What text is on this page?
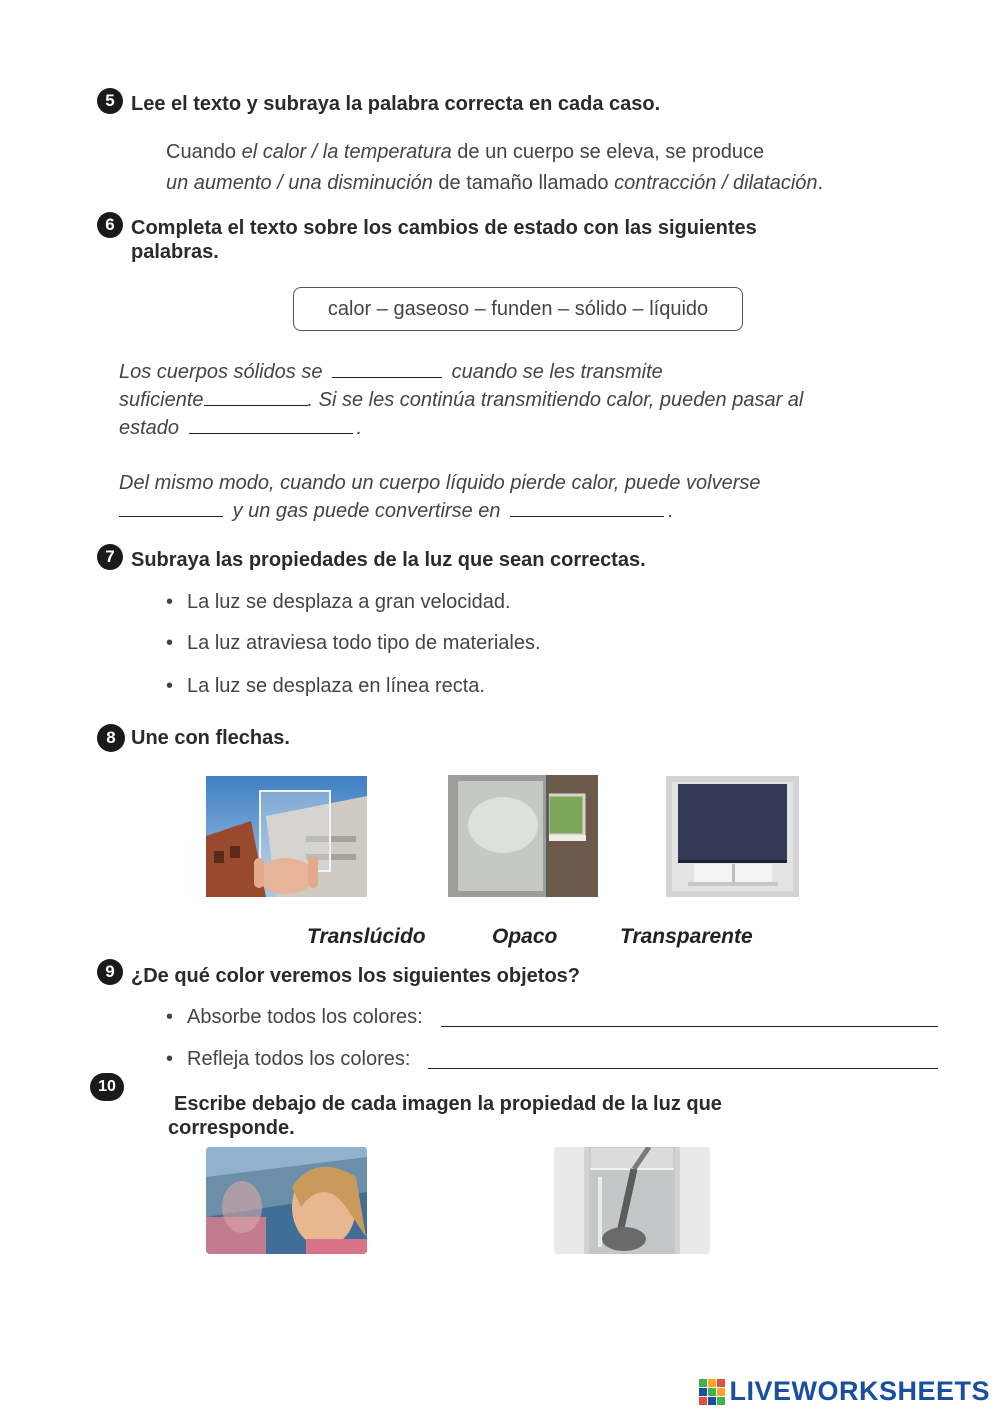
5 Lee el texto y subraya la palabra correcta en cada caso.
Cuando el calor / la temperatura de un cuerpo se eleva, se produce
un aumento / una disminución de tamaño llamado contracción / dilatación.
6 Completa el texto sobre los cambios de estado con las siguientes
palabras.
calor – gaseoso – funden – sólido – líquido
Los cuerpos sólidos se	cuando se les transmite
suficiente	. Si se les continúa transmitiendo calor, pueden pasar al
estado	.
Del mismo modo, cuando un cuerpo líquido pierde calor, puede volverse
y un gas puede convertirse en	.
7 Subraya las propiedades de la luz que sean correctas.
• La luz se desplaza a gran velocidad.
• La luz atraviesa todo tipo de materiales.
• La luz se desplaza en línea recta.
8 Une con flechas.
Translúcido	Opaco	Transparente
9 ¿De qué color veremos los siguientes objetos?
• Absorbe todos los colores:
• Refleja todos los colores:
10
Escribe debajo de cada imagen la propiedad de la luz que
corresponde.
LIVEWORKSHEETS
